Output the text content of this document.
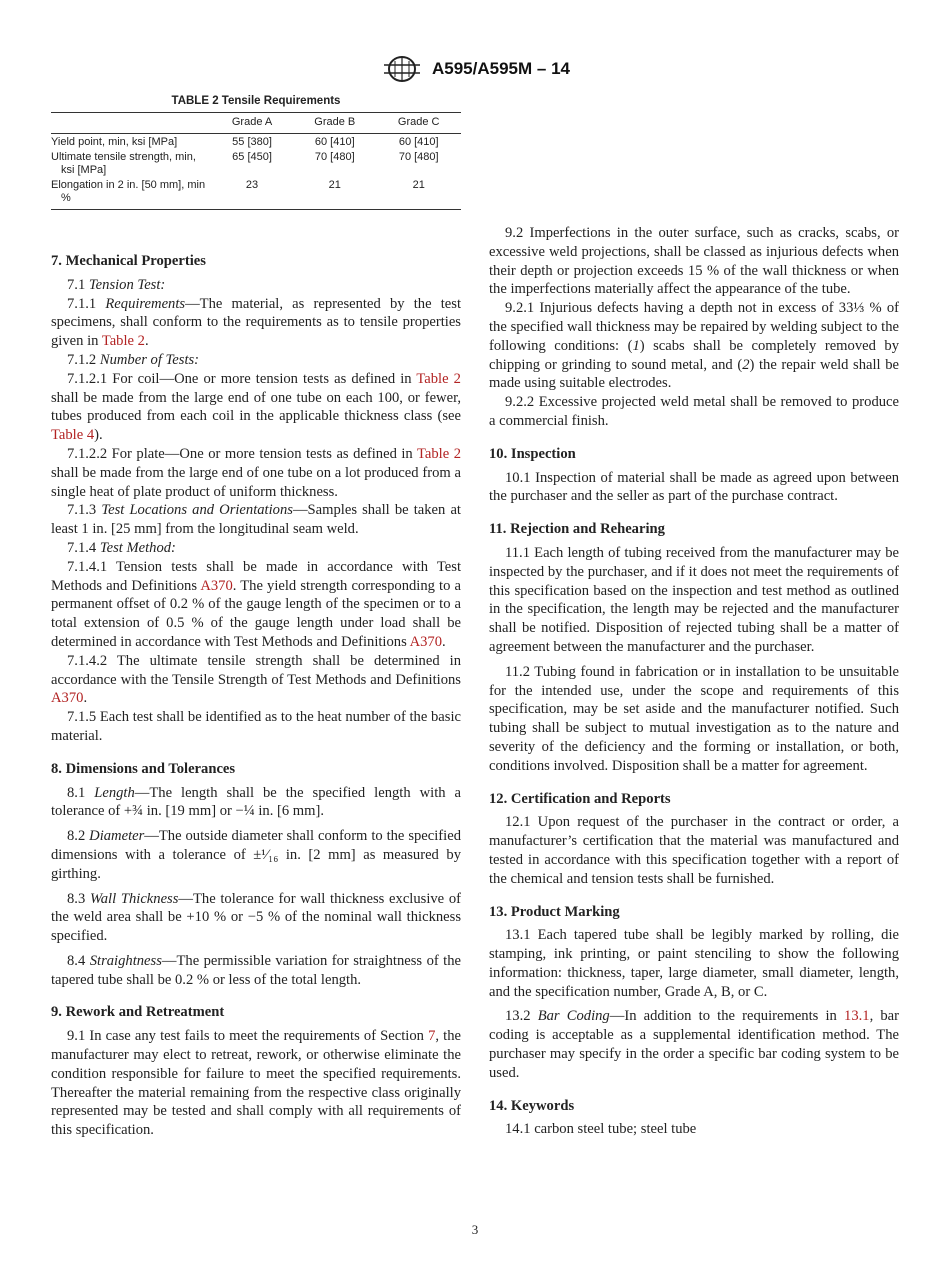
A595/A595M – 14

TABLE 2 Tensile Requirements

	Grade A	Grade B	Grade C

Yield point, min, ksi [MPa]	55 [380]	60 [410]	60 [410]

Ultimate tensile strength, min, ksi [MPa]	65 [450]	70 [480]	70 [480]

Elongation in 2 in. [50 mm], min %	23	21	21
7. Mechanical Properties

7.1 Tension Test:

7.1.1 Requirements—The material, as represented by the test specimens, shall conform to the requirements as to tensile properties given in Table 2.

7.1.2 Number of Tests:

7.1.2.1 For coil—One or more tension tests as defined in Table 2 shall be made from the large end of one tube on each 100, or fewer, tubes produced from each coil in the applicable thickness class (see Table 4).

7.1.2.2 For plate—One or more tension tests as defined in Table 2 shall be made from the large end of one tube on a lot produced from a single heat of plate product of uniform thickness.

7.1.3 Test Locations and Orientations—Samples shall be taken at least 1 in. [25 mm] from the longitudinal seam weld.

7.1.4 Test Method:

7.1.4.1 Tension tests shall be made in accordance with Test Methods and Definitions A370. The yield strength corresponding to a permanent offset of 0.2 % of the gauge length of the specimen or to a total extension of 0.5 % of the gauge length under load shall be determined in accordance with Test Methods and Definitions A370.

7.1.4.2 The ultimate tensile strength shall be determined in accordance with the Tensile Strength of Test Methods and Definitions A370.

7.1.5 Each test shall be identified as to the heat number of the basic material.

8. Dimensions and Tolerances

8.1 Length—The length shall be the specified length with a tolerance of +¾ in. [19 mm] or −¼ in. [6 mm].

8.2 Diameter—The outside diameter shall conform to the specified dimensions with a tolerance of ±¹⁄₁₆ in. [2 mm] as measured by girthing.

8.3 Wall Thickness—The tolerance for wall thickness exclusive of the weld area shall be +10 % or −5 % of the nominal wall thickness specified.

8.4 Straightness—The permissible variation for straightness of the tapered tube shall be 0.2 % or less of the total length.

9. Rework and Retreatment

9.1 In case any test fails to meet the requirements of Section 7, the manufacturer may elect to retreat, rework, or otherwise eliminate the condition responsible for failure to meet the specified requirements. Thereafter the material remaining from the respective class originally represented may be tested and shall comply with all requirements of this specification.

9.2 Imperfections in the outer surface, such as cracks, scabs, or excessive weld projections, shall be classed as injurious defects when their depth or projection exceeds 15 % of the wall thickness or when the imperfections materially affect the appearance of the tube.

9.2.1 Injurious defects having a depth not in excess of 33⅓ % of the specified wall thickness may be repaired by welding subject to the following conditions: (1) scabs shall be completely removed by chipping or grinding to sound metal, and (2) the repair weld shall be made using suitable electrodes.

9.2.2 Excessive projected weld metal shall be removed to produce a commercial finish.

10. Inspection

10.1 Inspection of material shall be made as agreed upon between the purchaser and the seller as part of the purchase contract.

11. Rejection and Rehearing

11.1 Each length of tubing received from the manufacturer may be inspected by the purchaser, and if it does not meet the requirements of this specification based on the inspection and test method as outlined in the specification, the length may be rejected and the manufacturer shall be notified. Disposition of rejected tubing shall be a matter of agreement between the manufacturer and the purchaser.

11.2 Tubing found in fabrication or in installation to be unsuitable for the intended use, under the scope and requirements of this specification, may be set aside and the manufacturer notified. Such tubing shall be subject to mutual investigation as to the nature and severity of the deficiency and the forming or installation, or both, conditions involved. Disposition shall be a matter for agreement.

12. Certification and Reports

12.1 Upon request of the purchaser in the contract or order, a manufacturer’s certification that the material was manufactured and tested in accordance with this specification together with a report of the chemical and tension tests shall be furnished.

13. Product Marking

13.1 Each tapered tube shall be legibly marked by rolling, die stamping, ink printing, or paint stenciling to show the following information: thickness, taper, large diameter, small diameter, length, and the specification number, Grade A, B, or C.

13.2 Bar Coding—In addition to the requirements in 13.1, bar coding is acceptable as a supplemental identification method. The purchaser may specify in the order a specific bar coding system to be used.

14. Keywords

14.1 carbon steel tube; steel tube

3
